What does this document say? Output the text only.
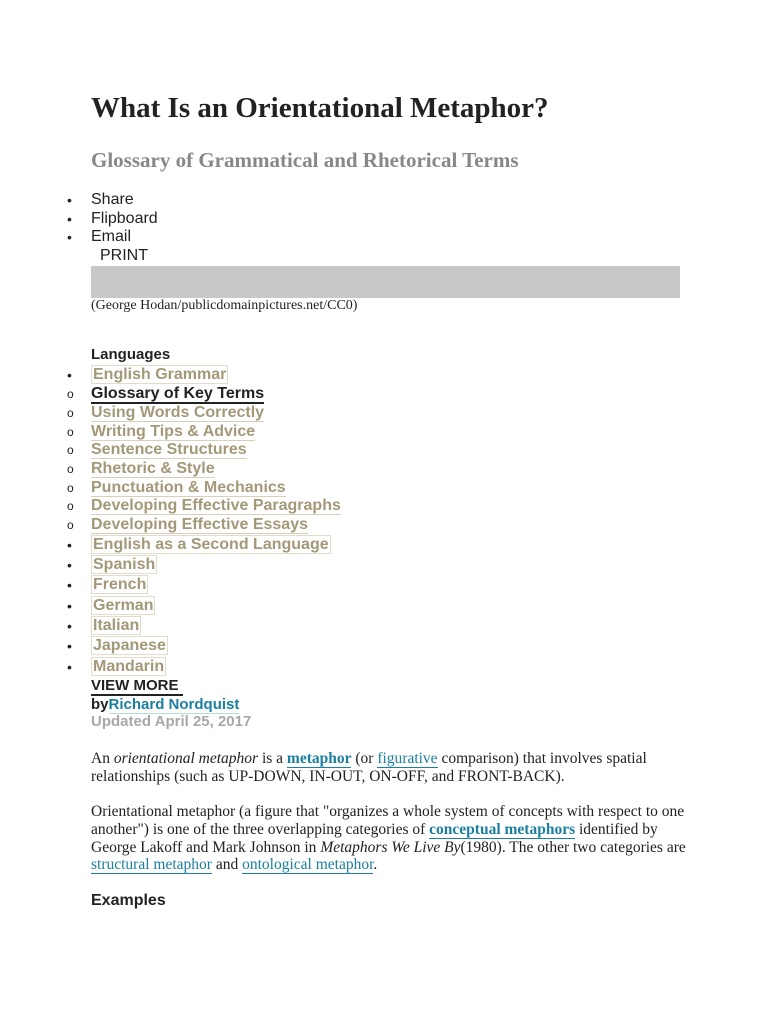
What Is an Orientational Metaphor?
Glossary of Grammatical and Rhetorical Terms
• Share
• Flipboard
• Email
PRINT
(George Hodan/publicdomainpictures.net/CC0)
Languages
• English Grammar
o Glossary of Key Terms
o Using Words Correctly
o Writing Tips & Advice
o Sentence Structures
o Rhetoric & Style
o Punctuation & Mechanics
o Developing Effective Paragraphs
o Developing Effective Essays
• English as a Second Language
• Spanish
• French
• German
• Italian
• Japanese
• Mandarin
VIEW MORE
byRichard Nordquist
Updated April 25, 2017

An orientational metaphor is a metaphor (or figurative comparison) that involves spatial relationships (such as UP-DOWN, IN-OUT, ON-OFF, and FRONT-BACK).

Orientational metaphor (a figure that "organizes a whole system of concepts with respect to one another") is one of the three overlapping categories of conceptual metaphors identified by George Lakoff and Mark Johnson in Metaphors We Live By(1980). The other two categories are structural metaphor and ontological metaphor.

Examples
